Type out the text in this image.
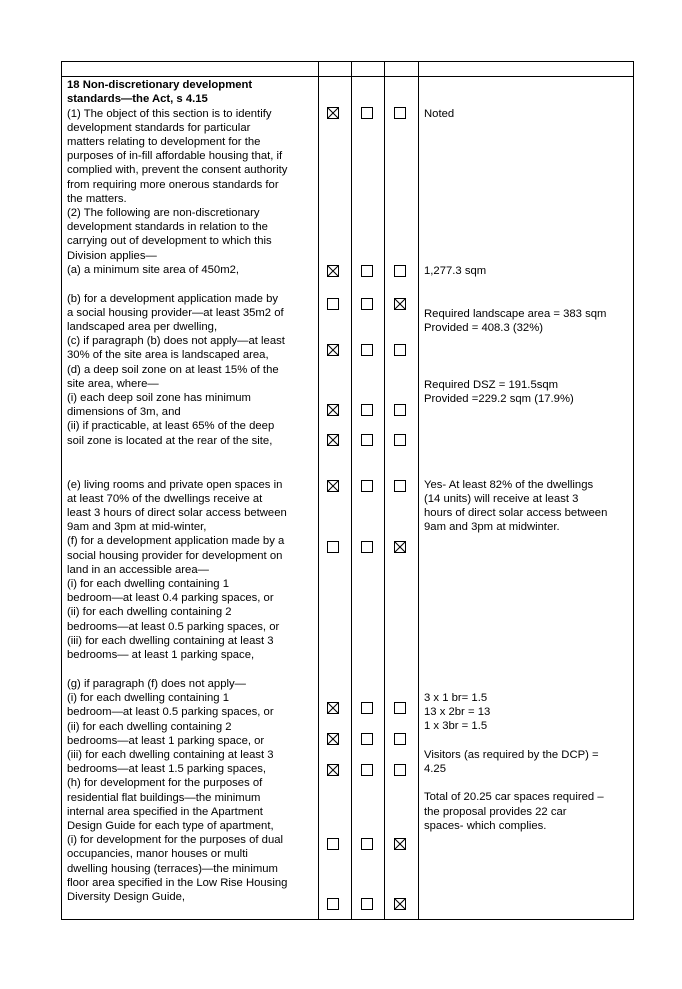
18 Non-discretionary development
standards—the Act, s 4.15
(1) The object of this section is to identify
development standards for particular
matters relating to development for the
purposes of in-fill affordable housing that, if
complied with, prevent the consent authority
from requiring more onerous standards for
the matters.
(2) The following are non-discretionary
development standards in relation to the
carrying out of development to which this
Division applies—
(a) a minimum site area of 450m2,
(b) for a development application made by
a social housing provider—at least 35m2 of
landscaped area per dwelling,
(c) if paragraph (b) does not apply—at least
30% of the site area is landscaped area,
(d) a deep soil zone on at least 15% of the
site area, where—
(i) each deep soil zone has minimum
dimensions of 3m, and
(ii) if practicable, at least 65% of the deep
soil zone is located at the rear of the site,
(e) living rooms and private open spaces in
at least 70% of the dwellings receive at
least 3 hours of direct solar access between
9am and 3pm at mid-winter,
(f) for a development application made by a
social housing provider for development on
land in an accessible area—
(i) for each dwelling containing 1
bedroom—at least 0.4 parking spaces, or
(ii) for each dwelling containing 2
bedrooms—at least 0.5 parking spaces, or
(iii) for each dwelling containing at least 3
bedrooms— at least 1 parking space,
(g) if paragraph (f) does not apply—
(i) for each dwelling containing 1
bedroom—at least 0.5 parking spaces, or
(ii) for each dwelling containing 2
bedrooms—at least 1 parking space, or
(iii) for each dwelling containing at least 3
bedrooms—at least 1.5 parking spaces,
(h) for development for the purposes of
residential flat buildings—the minimum
internal area specified in the Apartment
Design Guide for each type of apartment,
(i) for development for the purposes of dual
occupancies, manor houses or multi
dwelling housing (terraces)—the minimum
floor area specified in the Low Rise Housing
Diversity Design Guide,
Noted
1,277.3 sqm
Required landscape area = 383 sqm
Provided = 408.3 (32%)
Required DSZ = 191.5sqm
Provided =229.2 sqm (17.9%)
Yes- At least 82% of the dwellings
(14 units) will receive at least 3
hours of direct solar access between
9am and 3pm at midwinter.
3 x 1 br= 1.5
13 x 2br = 13
1 x 3br = 1.5
Visitors (as required by the DCP) =
4.25
Total of 20.25 car spaces required –
the proposal provides 22 car
spaces- which complies.
